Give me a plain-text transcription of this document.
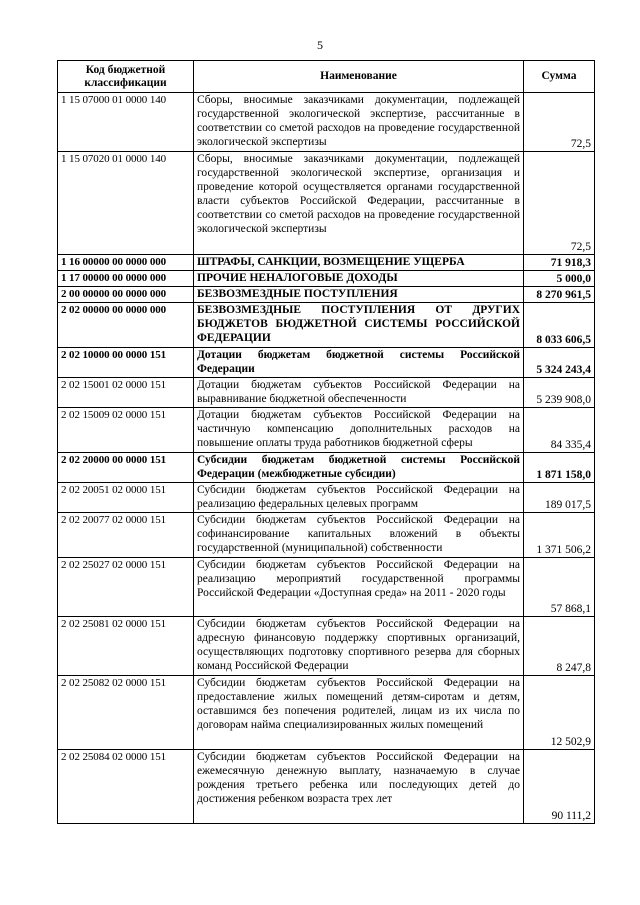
5
Код бюджетной классификации	Наименование	Сумма
1 15 07000 01 0000 140	Сборы, вносимые заказчиками документации, подлежащей государственной экологической экспертизе, рассчитанные в соответствии со сметой расходов на проведение государственной экологической экспертизы	72,5
1 15 07020 01 0000 140	Сборы, вносимые заказчиками документации, подлежащей государственной экологической экспертизе, организация и проведение которой осуществляется органами государственной власти субъектов Российской Федерации, рассчитанные в соответствии со сметой расходов на проведение государственной экологической экспертизы	72,5
1 16 00000 00 0000 000	ШТРАФЫ, САНКЦИИ, ВОЗМЕЩЕНИЕ УЩЕРБА	71 918,3
1 17 00000 00 0000 000	ПРОЧИЕ НЕНАЛОГОВЫЕ ДОХОДЫ	5 000,0
2 00 00000 00 0000 000	БЕЗВОЗМЕЗДНЫЕ ПОСТУПЛЕНИЯ	8 270 961,5
2 02 00000 00 0000 000	БЕЗВОЗМЕЗДНЫЕ ПОСТУПЛЕНИЯ ОТ ДРУГИХ БЮДЖЕТОВ БЮДЖЕТНОЙ СИСТЕМЫ РОССИЙСКОЙ ФЕДЕРАЦИИ	8 033 606,5
2 02 10000 00 0000 151	Дотации бюджетам бюджетной системы Российской Федерации	5 324 243,4
2 02 15001 02 0000 151	Дотации бюджетам субъектов Российской Федерации на выравнивание бюджетной обеспеченности	5 239 908,0
2 02 15009 02 0000 151	Дотации бюджетам субъектов Российской Федерации на частичную компенсацию дополнительных расходов на повышение оплаты труда работников бюджетной сферы	84 335,4
2 02 20000 00 0000 151	Субсидии бюджетам бюджетной системы Российской Федерации (межбюджетные субсидии)	1 871 158,0
2 02 20051 02 0000 151	Субсидии бюджетам субъектов Российской Федерации на реализацию федеральных целевых программ	189 017,5
2 02 20077 02 0000 151	Субсидии бюджетам субъектов Российской Федерации на софинансирование капитальных вложений в объекты государственной (муниципальной) собственности	1 371 506,2
2 02 25027 02 0000 151	Субсидии бюджетам субъектов Российской Федерации на реализацию мероприятий государственной программы Российской Федерации «Доступная среда» на 2011 - 2020 годы	57 868,1
2 02 25081 02 0000 151	Субсидии бюджетам субъектов Российской Федерации на адресную финансовую поддержку спортивных организаций, осуществляющих подготовку спортивного резерва для сборных команд Российской Федерации	8 247,8
2 02 25082 02 0000 151	Субсидии бюджетам субъектов Российской Федерации на предоставление жилых помещений детям-сиротам и детям, оставшимся без попечения родителей, лицам из их числа по договорам найма специализированных жилых помещений	12 502,9
2 02 25084 02 0000 151	Субсидии бюджетам субъектов Российской Федерации на ежемесячную денежную выплату, назначаемую в случае рождения третьего ребенка или последующих детей до достижения ребенком возраста трех лет	90 111,2
